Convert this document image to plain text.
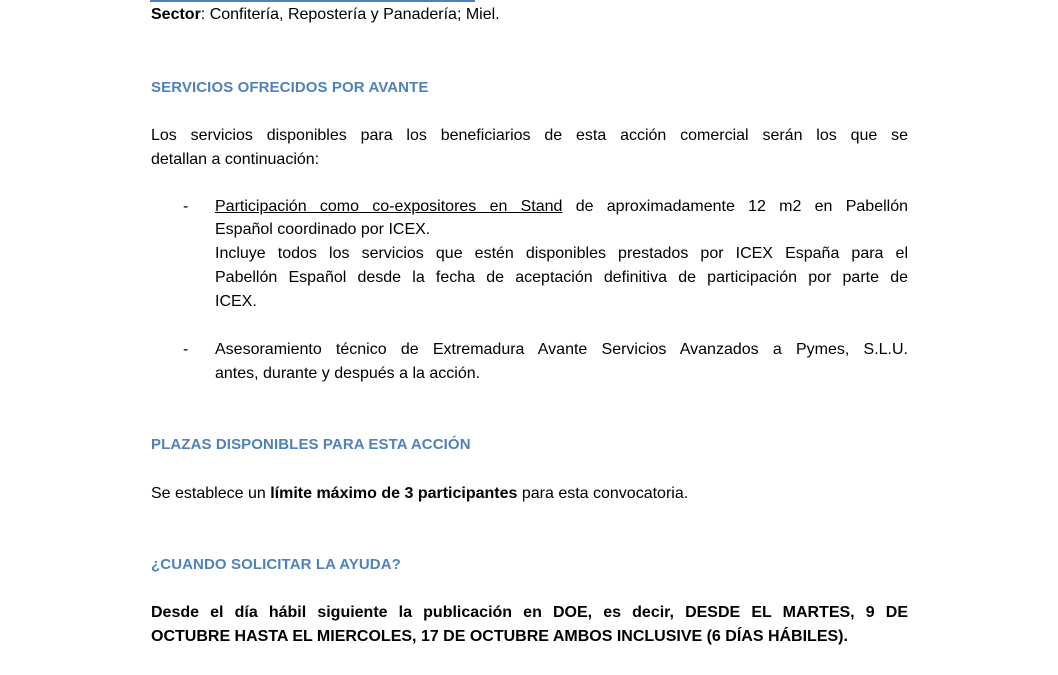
Sector: Confitería, Repostería y Panadería; Miel.
SERVICIOS OFRECIDOS POR AVANTE
Los servicios disponibles para los beneficiarios de esta acción comercial serán los que se
detallan a continuación:
- Participación como co-expositores en Stand de aproximadamente 12 m2 en Pabellón
Español coordinado por ICEX.
Incluye todos los servicios que estén disponibles prestados por ICEX España para el
Pabellón Español desde la fecha de aceptación definitiva de participación por parte de
ICEX.
- Asesoramiento técnico de Extremadura Avante Servicios Avanzados a Pymes, S.L.U.
antes, durante y después a la acción.
PLAZAS DISPONIBLES PARA ESTA ACCIÓN
Se establece un límite máximo de 3 participantes para esta convocatoria.
¿CUANDO SOLICITAR LA AYUDA?
Desde el día hábil siguiente la publicación en DOE, es decir, DESDE EL MARTES, 9 DE
OCTUBRE HASTA EL MIERCOLES, 17 DE OCTUBRE AMBOS INCLUSIVE (6 DÍAS HÁBILES).
